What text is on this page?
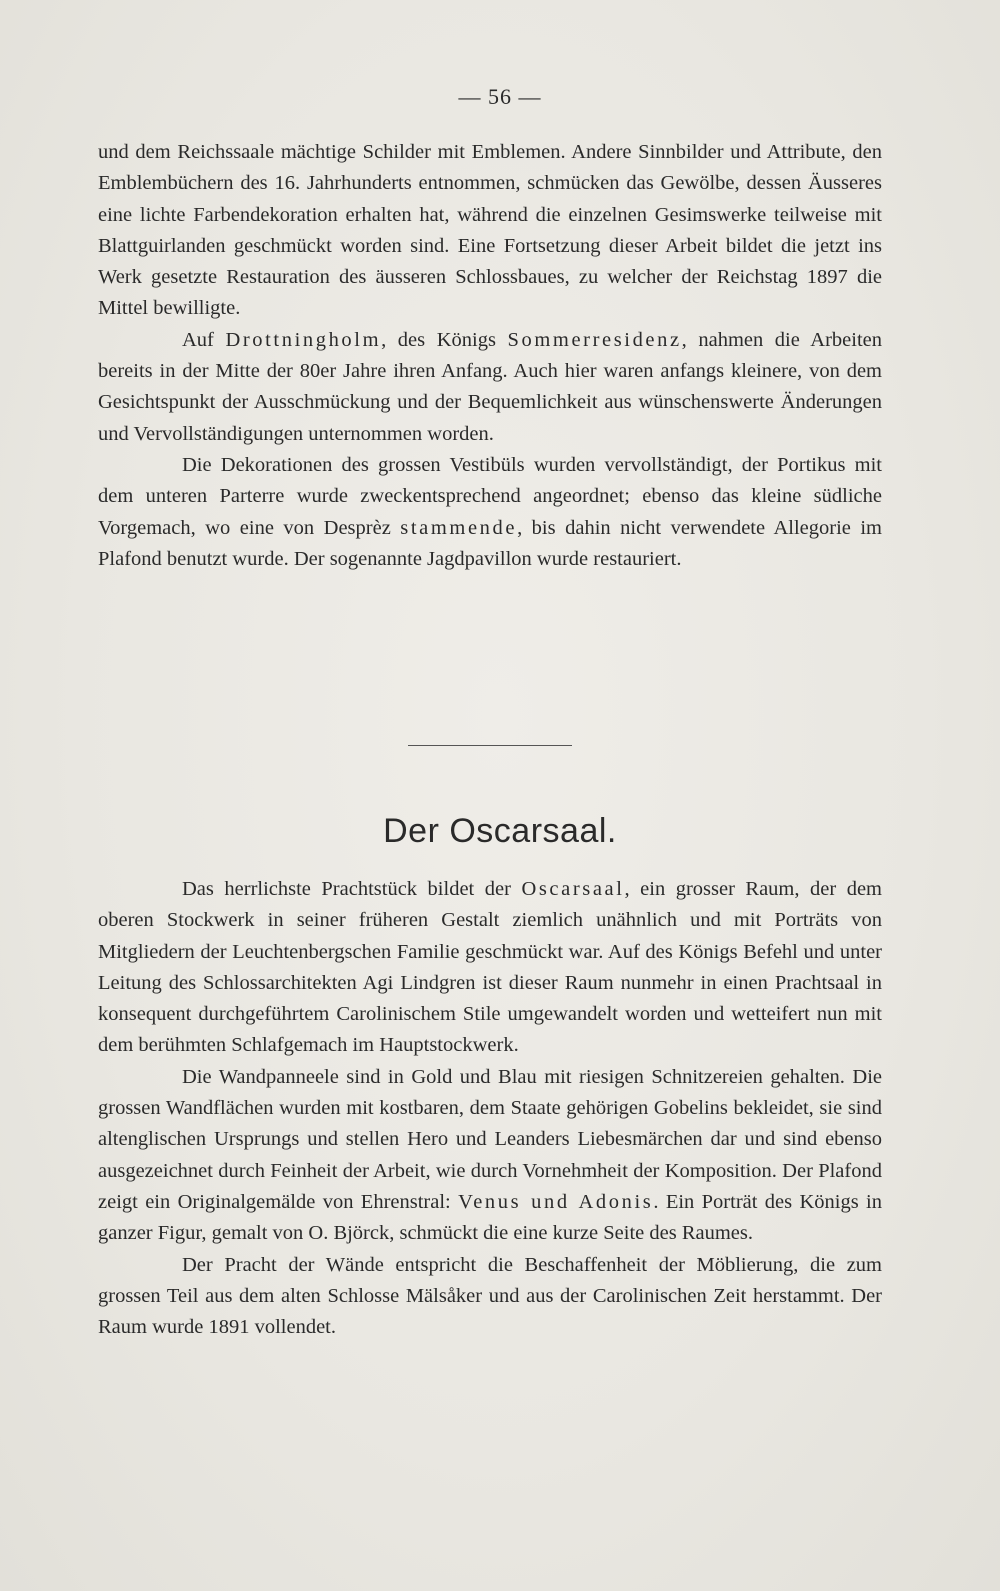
— 56 —

und dem Reichssaale mächtige Schilder mit Emblemen. Andere Sinnbilder und Attribute, den Emblembüchern des 16. Jahrhunderts entnommen, schmücken das Gewölbe, dessen Äusseres eine lichte Farbendekoration erhalten hat, während die einzelnen Gesimswerke teilweise mit Blattguirlanden geschmückt worden sind. Eine Fortsetzung dieser Arbeit bildet die jetzt ins Werk gesetzte Restauration des äusseren Schlossbaues, zu welcher der Reichstag 1897 die Mittel bewilligte.

Auf Drottningholm, des Königs Sommerresidenz, nahmen die Arbeiten bereits in der Mitte der 80er Jahre ihren Anfang. Auch hier waren anfangs kleinere, von dem Gesichtspunkt der Ausschmückung und der Bequemlichkeit aus wünschenswerte Änderungen und Vervollständigungen unternommen worden.

Die Dekorationen des grossen Vestibüls wurden vervollständigt, der Portikus mit dem unteren Parterre wurde zweckentsprechend angeordnet; ebenso das kleine südliche Vorgemach, wo eine von Desprèz stammende, bis dahin nicht verwendete Allegorie im Plafond benutzt wurde. Der sogenannte Jagdpavillon wurde restauriert.

Der Oscarsaal.

Das herrlichste Prachtstück bildet der Oscarsaal, ein grosser Raum, der dem oberen Stockwerk in seiner früheren Gestalt ziemlich unähnlich und mit Porträts von Mitgliedern der Leuchtenbergschen Familie geschmückt war. Auf des Königs Befehl und unter Leitung des Schlossarchitekten Agi Lindgren ist dieser Raum nunmehr in einen Prachtsaal in konsequent durchgeführtem Carolinischem Stile umgewandelt worden und wetteifert nun mit dem berühmten Schlafgemach im Hauptstockwerk.

Die Wandpanneele sind in Gold und Blau mit riesigen Schnitzereien gehalten. Die grossen Wandflächen wurden mit kostbaren, dem Staate gehörigen Gobelins bekleidet, sie sind altenglischen Ursprungs und stellen Hero und Leanders Liebesmärchen dar und sind ebenso ausgezeichnet durch Feinheit der Arbeit, wie durch Vornehmheit der Komposition. Der Plafond zeigt ein Originalgemälde von Ehrenstral: Venus und Adonis. Ein Porträt des Königs in ganzer Figur, gemalt von O. Björck, schmückt die eine kurze Seite des Raumes.

Der Pracht der Wände entspricht die Beschaffenheit der Möblierung, die zum grossen Teil aus dem alten Schlosse Mälsåker und aus der Carolinischen Zeit herstammt. Der Raum wurde 1891 vollendet.
